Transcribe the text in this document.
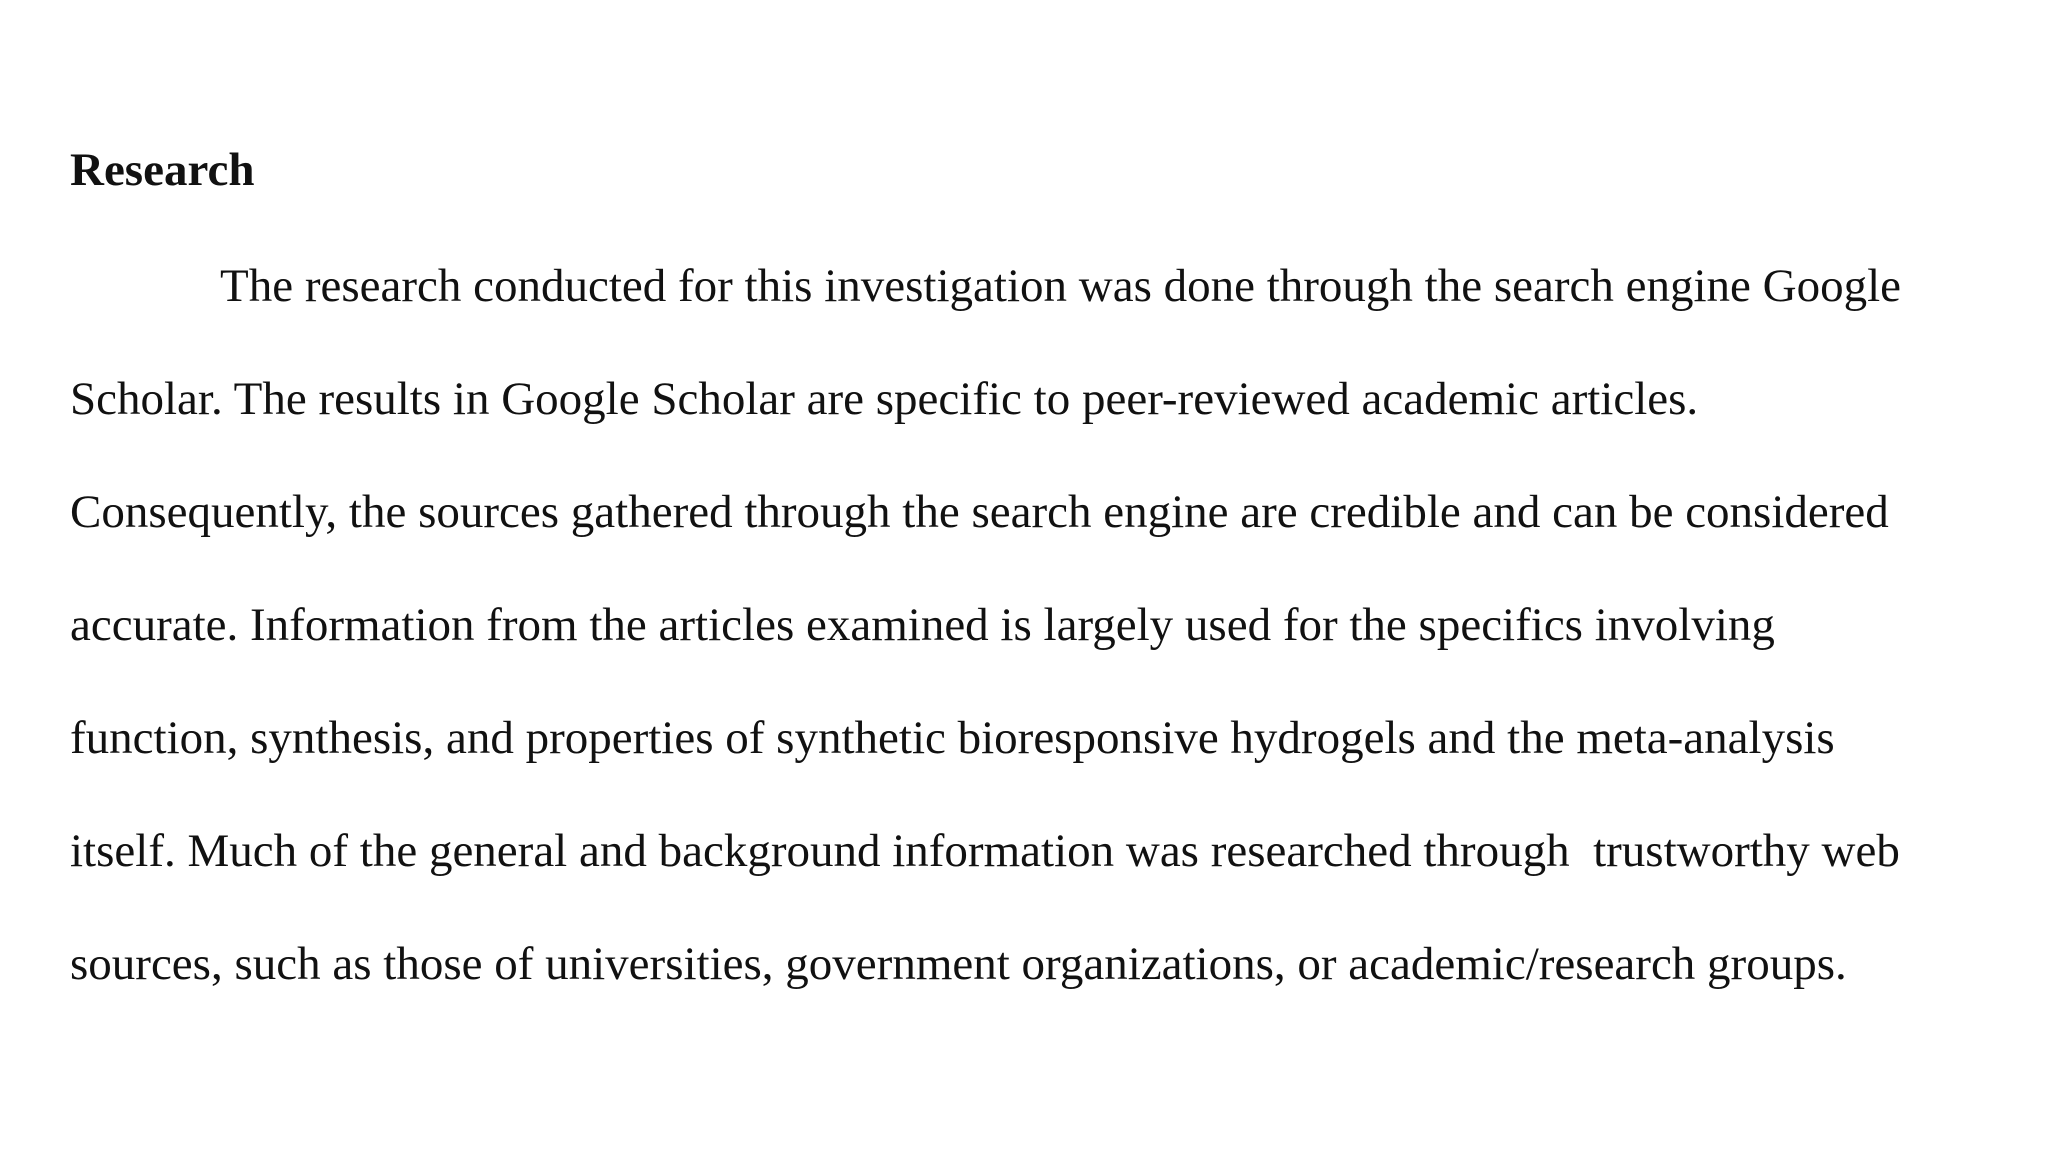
Research

The research conducted for this investigation was done through the search engine Google

Scholar. The results in Google Scholar are specific to peer-reviewed academic articles.

Consequently, the sources gathered through the search engine are credible and can be considered

accurate. Information from the articles examined is largely used for the specifics involving

function, synthesis, and properties of synthetic bioresponsive hydrogels and the meta-analysis

itself. Much of the general and background information was researched through  trustworthy web

sources, such as those of universities, government organizations, or academic/research groups.
